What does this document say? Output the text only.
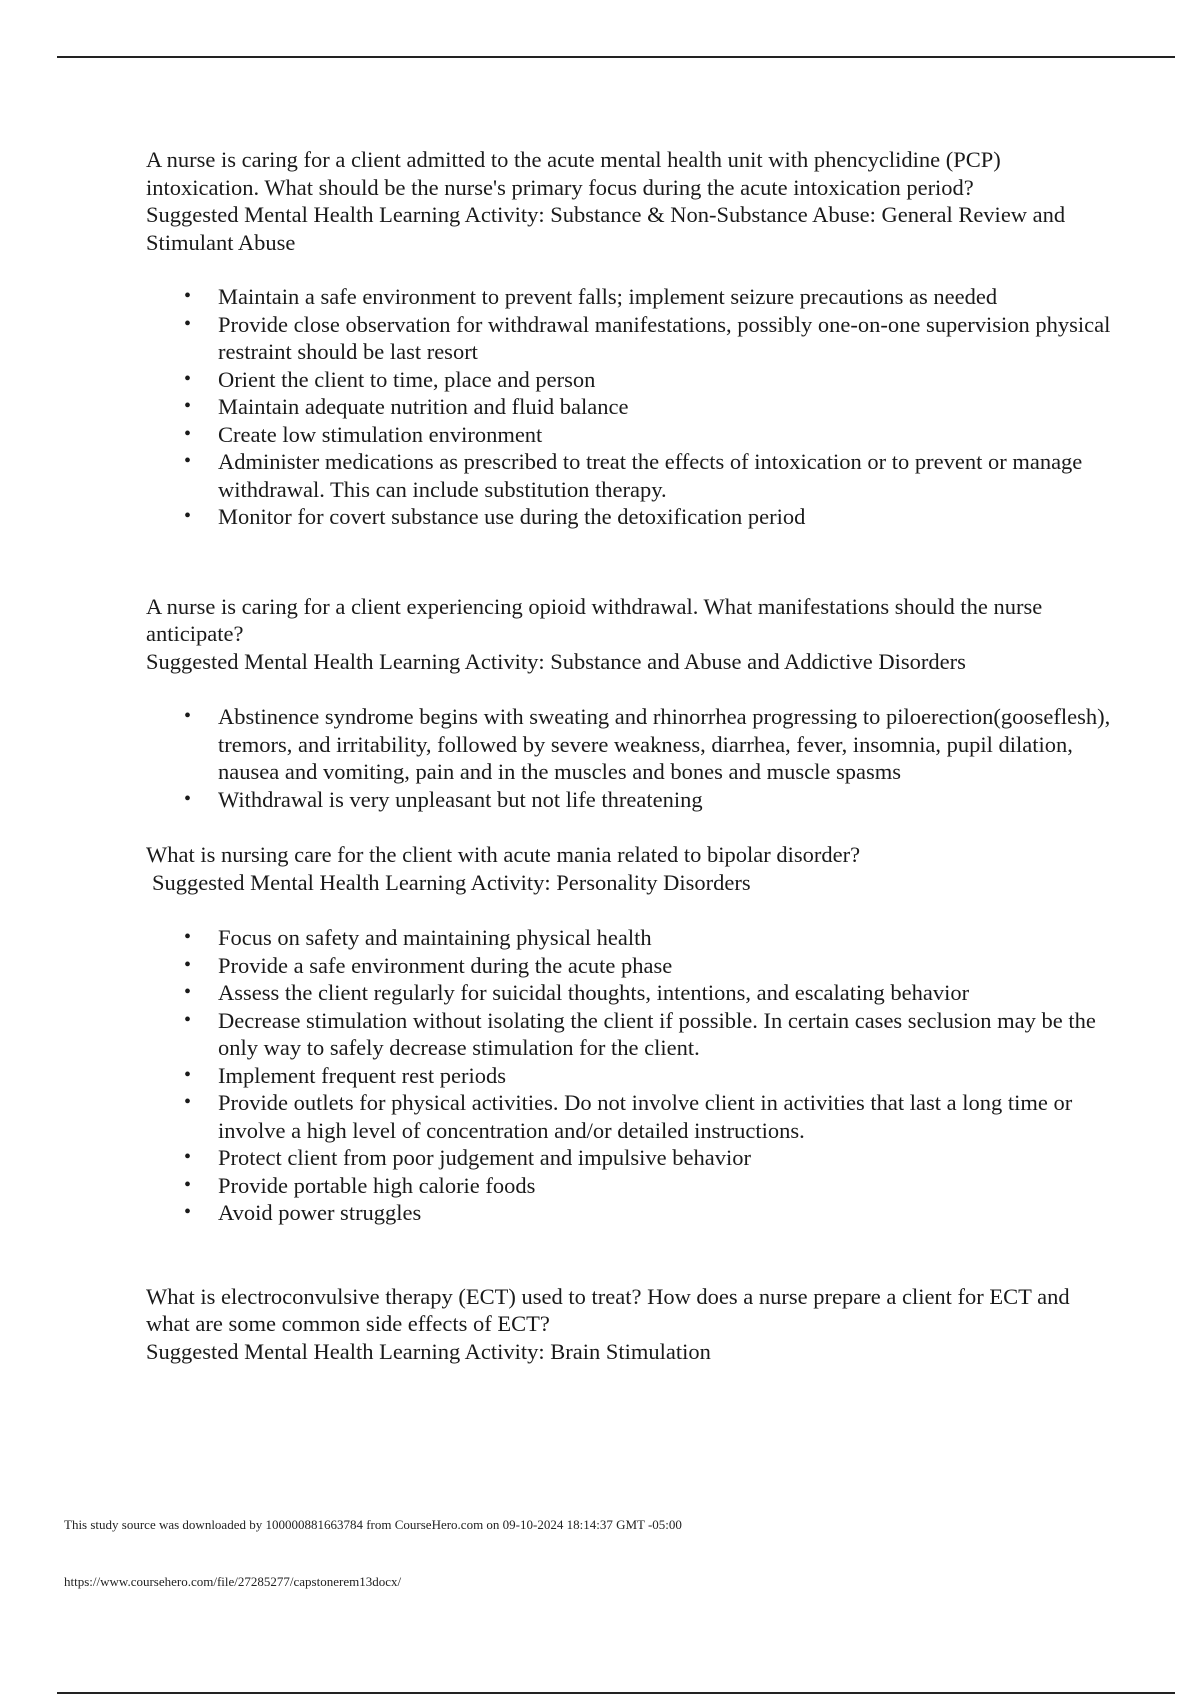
A nurse is caring for a client admitted to the acute mental health unit with phencyclidine (PCP) intoxication. What should be the nurse's primary focus during the acute intoxication period?

Suggested Mental Health Learning Activity: Substance & Non-Substance Abuse: General Review and Stimulant Abuse

• Maintain a safe environment to prevent falls; implement seizure precautions as needed
• Provide close observation for withdrawal manifestations, possibly one-on-one supervision physical restraint should be last resort
• Orient the client to time, place and person
• Maintain adequate nutrition and fluid balance
• Create low stimulation environment
• Administer medications as prescribed to treat the effects of intoxication or to prevent or manage withdrawal. This can include substitution therapy.
• Monitor for covert substance use during the detoxification period

A nurse is caring for a client experiencing opioid withdrawal. What manifestations should the nurse anticipate?

Suggested Mental Health Learning Activity: Substance and Abuse and Addictive Disorders

• Abstinence syndrome begins with sweating and rhinorrhea progressing to piloerection(gooseflesh), tremors, and irritability, followed by severe weakness, diarrhea, fever, insomnia, pupil dilation, nausea and vomiting, pain and in the muscles and bones and muscle spasms
• Withdrawal is very unpleasant but not life threatening

What is nursing care for the client with acute mania related to bipolar disorder?

Suggested Mental Health Learning Activity: Personality Disorders

• Focus on safety and maintaining physical health
• Provide a safe environment during the acute phase
• Assess the client regularly for suicidal thoughts, intentions, and escalating behavior
• Decrease stimulation without isolating the client if possible. In certain cases seclusion may be the only way to safely decrease stimulation for the client.
• Implement frequent rest periods
• Provide outlets for physical activities. Do not involve client in activities that last a long time or involve a high level of concentration and/or detailed instructions.
• Protect client from poor judgement and impulsive behavior
• Provide portable high calorie foods
• Avoid power struggles

What is electroconvulsive therapy (ECT) used to treat? How does a nurse prepare a client for ECT and what are some common side effects of ECT?

Suggested Mental Health Learning Activity: Brain Stimulation

This study source was downloaded by 100000881663784 from CourseHero.com on 09-10-2024 18:14:37 GMT -05:00
https://www.coursehero.com/file/27285277/capstonerem13docx/
